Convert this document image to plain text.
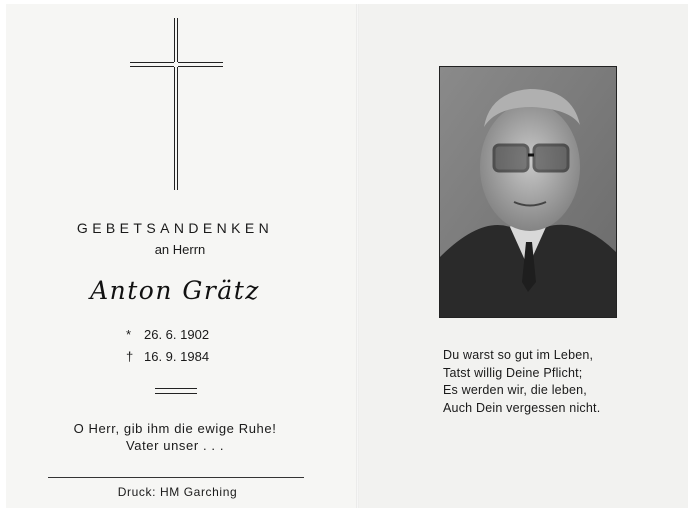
GEBETSANDENKEN
an Herrn
Anton Grätz
* 26. 6. 1902
† 16. 9. 1984
O Herr, gib ihm die ewige Ruhe!
Vater unser . . .
Druck: HM Garching
Du warst so gut im Leben,
Tatst willig Deine Pflicht;
Es werden wir, die leben,
Auch Dein vergessen nicht.
